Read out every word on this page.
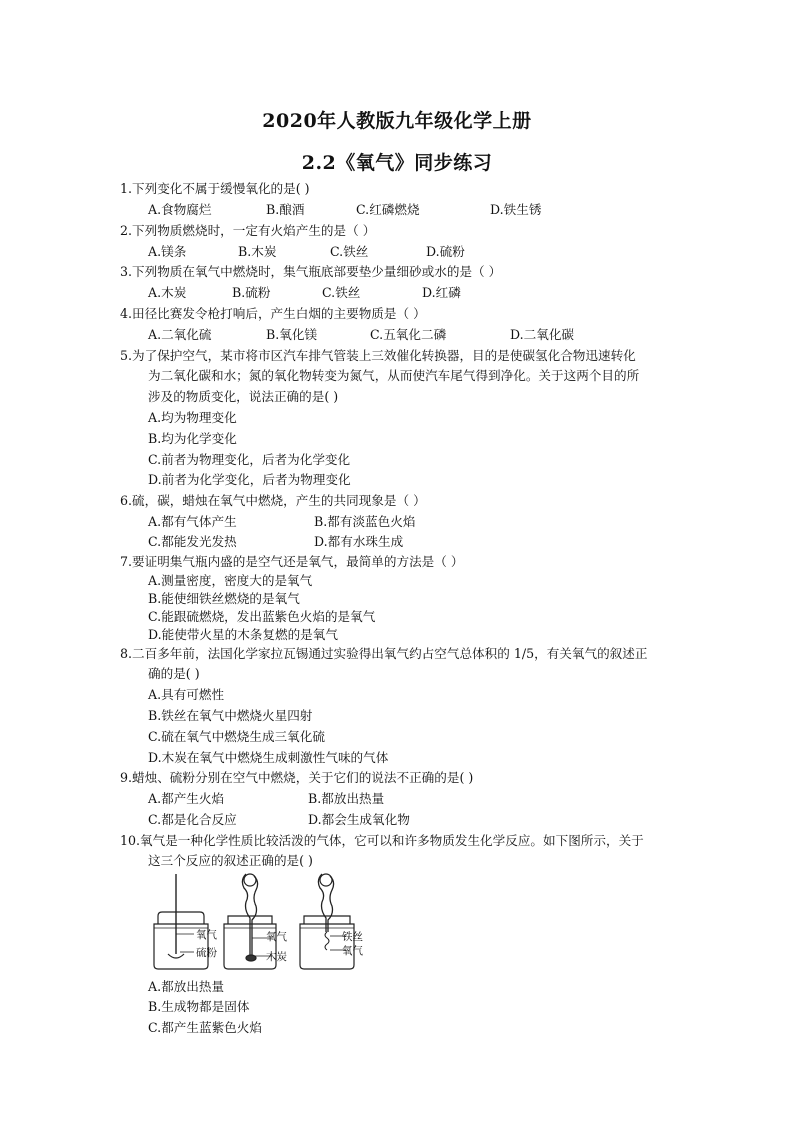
2020年人教版九年级化学上册
2.2《氧气》同步练习
1.下列变化不属于缓慢氧化的是( )
A.食物腐烂	B.酿酒	C.红磷燃烧	D.铁生锈
2.下列物质燃烧时，一定有火焰产生的是（ ）
A.镁条	B.木炭	C.铁丝	D.硫粉
3.下列物质在氧气中燃烧时，集气瓶底部要垫少量细砂或水的是（ ）
A.木炭	B.硫粉	C.铁丝	D.红磷
4.田径比赛发令枪打响后，产生白烟的主要物质是（ ）
A.二氧化硫	B.氧化镁	C.五氧化二磷	D.二氧化碳
5.为了保护空气，某市将市区汽车排气管装上三效催化转换器，目的是使碳氢化合物迅速转化
为二氧化碳和水；氮的氧化物转变为氮气，从而使汽车尾气得到净化。关于这两个目的所
涉及的物质变化，说法正确的是( )
A.均为物理变化
B.均为化学变化
C.前者为物理变化，后者为化学变化
D.前者为化学变化，后者为物理变化
6.硫，碳，蜡烛在氧气中燃烧，产生的共同现象是（ ）
A.都有气体产生	B.都有淡蓝色火焰
C.都能发光发热	D.都有水珠生成
7.要证明集气瓶内盛的是空气还是氧气，最简单的方法是（ ）
A.测量密度，密度大的是氧气
B.能使细铁丝燃烧的是氧气
C.能跟硫燃烧，发出蓝紫色火焰的是氧气
D.能使带火星的木条复燃的是氧气
8.二百多年前，法国化学家拉瓦锡通过实验得出氧气约占空气总体积的 1/5，有关氧气的叙述正
确的是( )
A.具有可燃性
B.铁丝在氧气中燃烧火星四射
C.硫在氧气中燃烧生成三氧化硫
D.木炭在氧气中燃烧生成刺激性气味的气体
9.蜡烛、硫粉分别在空气中燃烧，关于它们的说法不正确的是( )
A.都产生火焰	B.都放出热量
C.都是化合反应	D.都会生成氧化物
10.氧气是一种化学性质比较活泼的气体，它可以和许多物质发生化学反应。如下图所示，关于
这三个反应的叙述正确的是( )
氧气
硫粉
氧气
木炭
铁丝
氧气
A.都放出热量
B.生成物都是固体
C.都产生蓝紫色火焰
